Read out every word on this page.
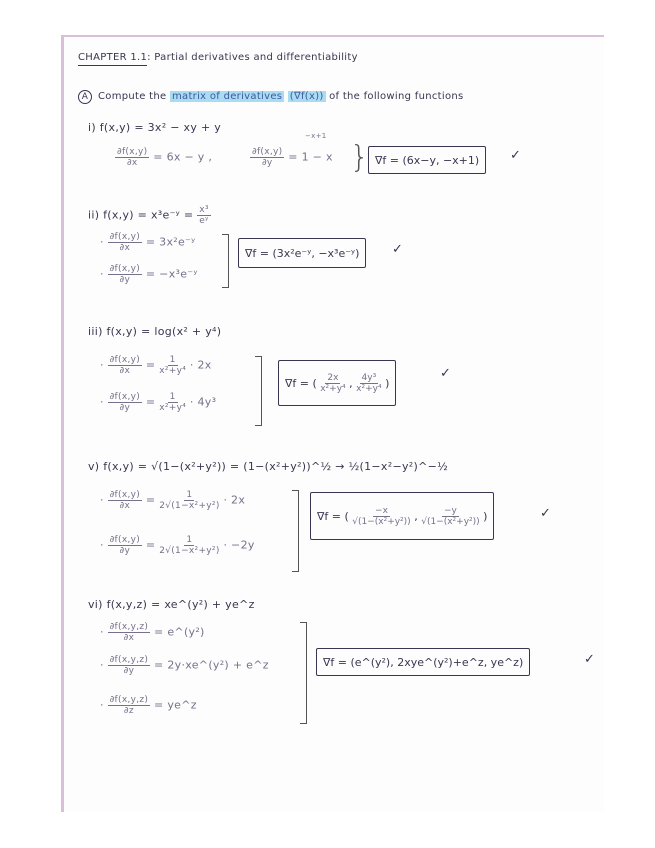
CHAPTER 1.1: Partial derivatives and differentiability
A Compute the matrix of derivatives (∇f(x)) of the following functions
i) f(x,y) = 3x² − xy + y
−x+1
$\frac{\partial f(x,y)}{\partial x} = 6x - y$ ,	$\frac{\partial f(x,y)}{\partial y} = 1 - x$ } ∇f = (6x−y, −x+1)	✓
ii) f(x,y) = x³e⁻ʸ = $\frac{\text{x³}}{\text{eʸ}}$
· $\frac{\partial f(x,y)}{\partial x}$ = 3x²e⁻ʸ
· $\frac{\partial f(x,y)}{\partial y}$ = −x³e⁻ʸ
∇f = (3x²e⁻ʸ, −x³e⁻ʸ)	✓
iii) f(x,y) = log(x² + y⁴)
· $\frac{\partial f(x,y)}{\partial x} = \frac{1}{\text{x²+y⁴}} \cdot 2x$
· $\frac{\partial f(x,y)}{\partial y} = \frac{1}{\text{x²+y⁴}} \cdot 4y^3$
∇f = (
$\frac{2x}{\text{x²+y⁴}}$ , $\frac{\text{4y³}}{\text{x²+y⁴}}$
)
✓
v) f(x,y) = √(1−(x²+y²)) = (1−(x²+y²))^½ → ½(1−x²−y²)^−½
· $\frac{\partial f(x,y)}{\partial x} = \frac{1}{\text{2√(1−x²+y²)}} \cdot 2x$
· $\frac{\partial f(x,y)}{\partial y} = \frac{1}{\text{2√(1−x²+y²)}} \cdot -2y$
∇f = (
$\frac{-x}{\text{√(1−(x²+y²))}}$ , $\frac{-y}{\text{√(1−(x²+y²))}}$
)	✓
vi) f(x,y,z) = xe^(y²) + ye^z
· $\frac{\partial f(x,y,z)}{\partial x}$ = e^(y²)
· $\frac{\partial f(x,y,z)}{\partial y}$ = 2y·xe^(y²) + e^z
· $\frac{\partial f(x,y,z)}{\partial z}$ = ye^z
∇f = (e^(y²), 2xye^(y²)+e^z, ye^z)	✓
